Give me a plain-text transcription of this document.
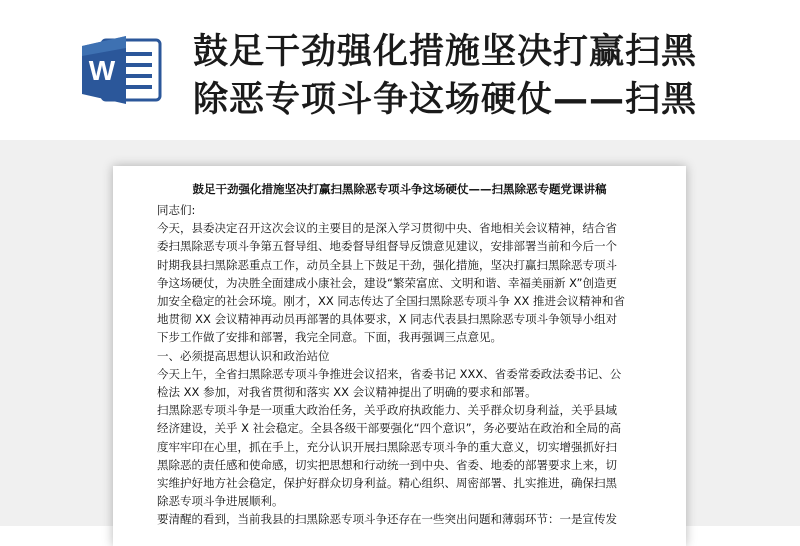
W 鼓足干劲强化措施坚决打赢扫黑
除恶专项斗争这场硬仗——扫黑
鼓足干劲强化措施坚决打赢扫黑除恶专项斗争这场硬仗——扫黑除恶专题党课讲稿
同志们:
今天，县委决定召开这次会议的主要目的是深入学习贯彻中央、省地相关会议精神，结合省
委扫黑除恶专项斗争第五督导组、地委督导组督导反馈意见建议，安排部署当前和今后一个
时期我县扫黑除恶重点工作，动员全县上下鼓足干劲，强化措施，坚决打赢扫黑除恶专项斗
争这场硬仗，为决胜全面建成小康社会，建设“繁荣富庶、文明和谐、幸福美丽新 X”创造更
加安全稳定的社会环境。刚才，XX 同志传达了全国扫黑除恶专项斗争 XX 推进会议精神和省
地贯彻 XX 会议精神再动员再部署的具体要求，X 同志代表县扫黑除恶专项斗争领导小组对
下步工作做了安排和部署，我完全同意。下面，我再强调三点意见。
一、必须提高思想认识和政治站位
今天上午，全省扫黑除恶专项斗争推进会议招来，省委书记 XXX、省委常委政法委书记、公
检法 XX 参加，对我省贯彻和落实 XX 会议精神提出了明确的要求和部署。
扫黑除恶专项斗争是一项重大政治任务，关乎政府执政能力、关乎群众切身利益，关乎县域
经济建设，关乎 X 社会稳定。全县各级干部要强化“四个意识”，务必要站在政治和全局的高
度牢牢印在心里，抓在手上，充分认识开展扫黑除恶专项斗争的重大意义，切实增强抓好扫
黑除恶的责任感和使命感，切实把思想和行动统一到中央、省委、地委的部署要求上来，切
实维护好地方社会稳定，保护好群众切身利益。精心组织、周密部署、扎实推进，确保扫黑
除恶专项斗争进展顺利。
要清醒的看到，当前我县的扫黑除恶专项斗争还存在一些突出问题和薄弱环节：一是宣传发
